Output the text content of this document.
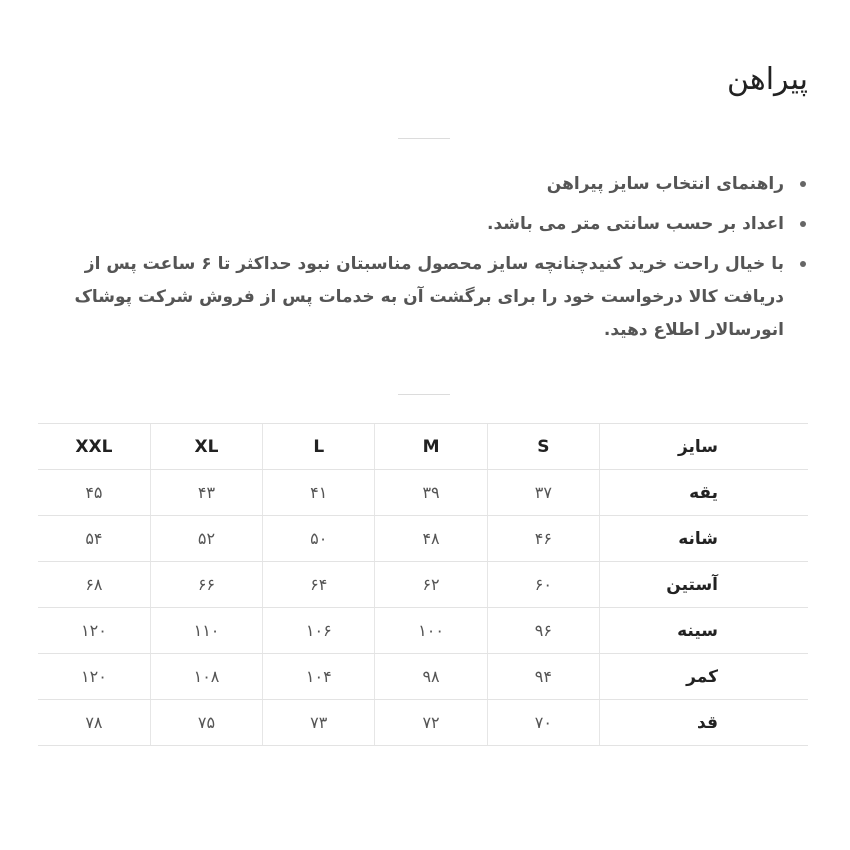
پیراهن
راهنمای انتخاب سایز پیراهن
اعداد بر حسب سانتی متر می باشد.
با خیال راحت خرید کنیدچنانچه سایز محصول مناسبتان نبود حداکثر تا ۶ ساعت پس از دریافت کالا درخواست خود را برای برگشت آن به خدمات پس از فروش شرکت پوشاک انورسالار اطلاع دهید.
سایز	S	M	L	XL	XXL
یقه	۳۷	۳۹	۴۱	۴۳	۴۵
شانه	۴۶	۴۸	۵۰	۵۲	۵۴
آستین	۶۰	۶۲	۶۴	۶۶	۶۸
سینه	۹۶	۱۰۰	۱۰۶	۱۱۰	۱۲۰
کمر	۹۴	۹۸	۱۰۴	۱۰۸	۱۲۰
قد	۷۰	۷۲	۷۳	۷۵	۷۸
